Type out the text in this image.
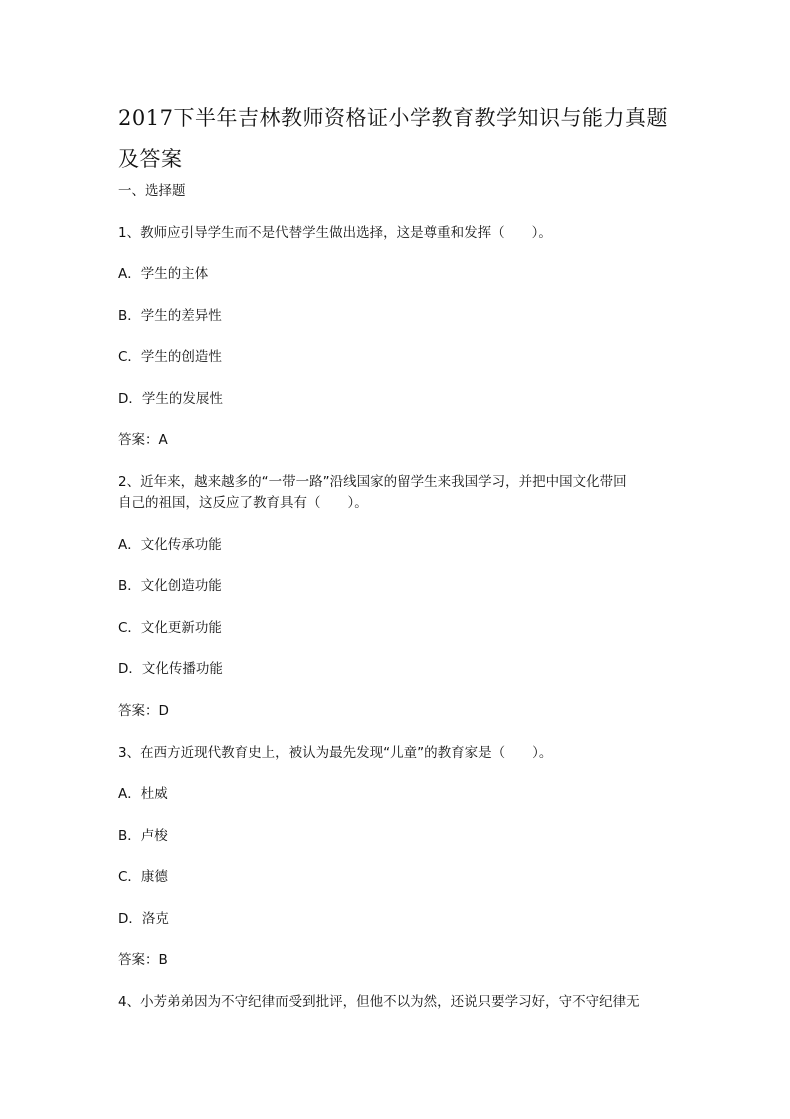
2017下半年吉林教师资格证小学教育教学知识与能力真题
及答案
一、选择题
1、教师应引导学生而不是代替学生做出选择，这是尊重和发挥（　　）。
A．学生的主体
B．学生的差异性
C．学生的创造性
D．学生的发展性
答案：A
2、近年来，越来越多的“一带一路”沿线国家的留学生来我国学习，并把中国文化带回
自己的祖国，这反应了教育具有（　　）。
A．文化传承功能
B．文化创造功能
C．文化更新功能
D．文化传播功能
答案：D
3、在西方近现代教育史上，被认为最先发现“儿童”的教育家是（　　）。
A．杜威
B．卢梭
C．康德
D．洛克
答案：B
4、小芳弟弟因为不守纪律而受到批评，但他不以为然，还说只要学习好，守不守纪律无
